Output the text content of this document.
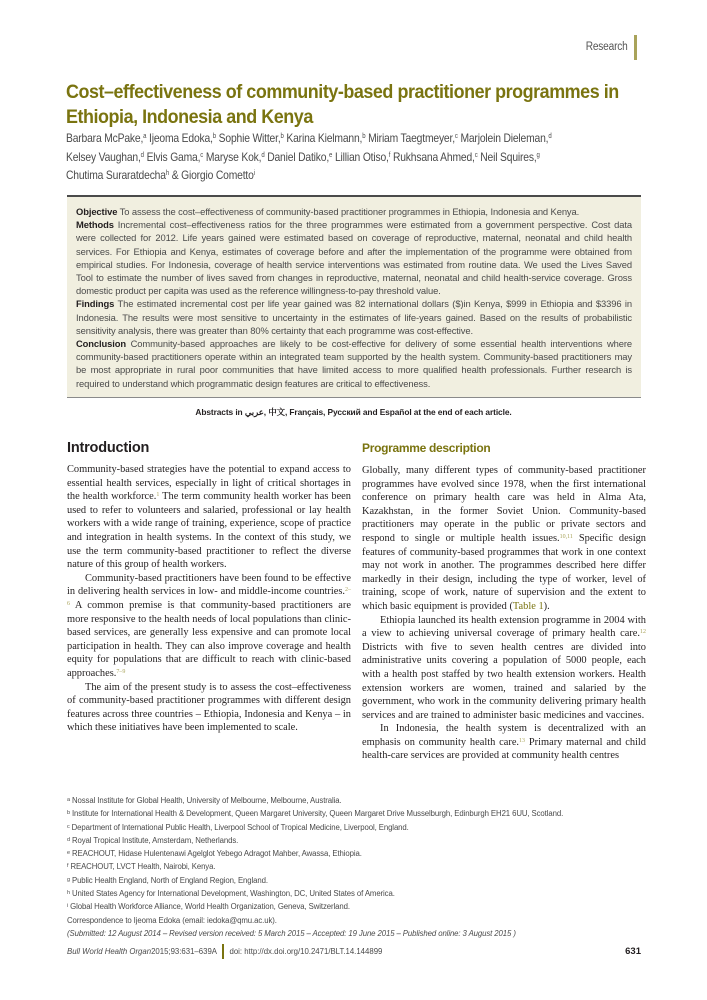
Research
Cost–effectiveness of community-based practitioner programmes in
Ethiopia, Indonesia and Kenya
Barbara McPake,$^a$ Ijeoma Edoka,$^b$ Sophie Witter,$^b$ Karina Kielmann,$^b$ Miriam Taegtmeyer,$^c$ Marjolein Dieleman,$^d$
Kelsey Vaughan,$^d$ Elvis Gama,$^c$ Maryse Kok,$^d$ Daniel Datiko,$^e$ Lillian Otiso,$^f$ Rukhsana Ahmed,$^c$ Neil Squires,$^g$
Chutima Suraratdecha$^h$ & Giorgio Cometto$^i$

Objective To assess the cost–effectiveness of community-based practitioner programmes in Ethiopia, Indonesia and Kenya.

Methods Incremental cost–effectiveness ratios for the three programmes were estimated from a government perspective. Cost data were collected for 2012. Life years gained were estimated based on coverage of reproductive, maternal, neonatal and child health services. For Ethiopia and Kenya, estimates of coverage before and after the implementation of the programme were obtained from empirical studies. For Indonesia, coverage of health service interventions was estimated from routine data. We used the Lives Saved Tool to estimate the number of lives saved from changes in reproductive, maternal, neonatal and child health-service coverage. Gross domestic product per capita was used as the reference willingness-to-pay threshold value.

Findings The estimated incremental cost per life year gained was 82 international dollars ($)in Kenya, $999 in Ethiopia and $3396 in Indonesia. The results were most sensitive to uncertainty in the estimates of life-years gained. Based on the results of probabilistic sensitivity analysis, there was greater than 80% certainty that each programme was cost-effective.

Conclusion Community-based approaches are likely to be cost-effective for delivery of some essential health interventions where community-based practitioners operate within an integrated team supported by the health system. Community-based practitioners may be most appropriate in rural poor communities that have limited access to more qualified health professionals. Further research is required to understand which programmatic design features are critical to effectiveness.

Abstracts in عربي, 中文, Français, Русский and Español at the end of each article.
Introduction

Community-based strategies have the potential to expand access to essential health services, especially in light of critical shortages in the health workforce.$^1$ The term community health worker has been used to refer to volunteers and salaried, professional or lay health workers with a wide range of training, experience, scope of practice and integration in health systems. In the context of this study, we use the term community-based practitioner to reflect the diverse nature of this group of health workers.

Community-based practitioners have been found to be effective in delivering health services in low- and middle-income countries.$^{2-6}$ A common premise is that community-based practitioners are more responsive to the health needs of local populations than clinic-based services, are generally less expensive and can promote local participation in health. They can also improve coverage and health equity for populations that are difficult to reach with clinic-based approaches.$^{7-9}$

The aim of the present study is to assess the cost–effectiveness of community-based practitioner programmes with different design features across three countries – Ethiopia, Indonesia and Kenya – in which these initiatives have been implemented to scale.

Programme description

Globally, many different types of community-based practitioner programmes have evolved since 1978, when the first international conference on primary health care was held in Alma Ata, Kazakhstan, in the former Soviet Union. Community-based practitioners may operate in the public or private sectors and respond to single or multiple health issues.$^{10,11}$ Specific design features of community-based programmes that work in one context may not work in another. The programmes described here differ markedly in their design, including the type of worker, level of training, scope of work, nature of supervision and the extent to which basic equipment is provided (Table 1).

Ethiopia launched its health extension programme in 2004 with a view to achieving universal coverage of primary health care.$^{12}$ Districts with five to seven health centres are divided into administrative units covering a population of 5000 people, each with a health post staffed by two health extension workers. Health extension workers are women, trained and salaried by the government, who work in the community delivering primary health services and are trained to administer basic medicines and vaccines.

In Indonesia, the health system is decentralized with an emphasis on community health care.$^{13}$ Primary maternal and child health-care services are provided at community health centres

$^a$ Nossal Institute for Global Health, University of Melbourne, Melbourne, Australia.
$^b$ Institute for International Health & Development, Queen Margaret University, Queen Margaret Drive Musselburgh, Edinburgh EH21 6UU, Scotland.
$^c$ Department of International Public Health, Liverpool School of Tropical Medicine, Liverpool, England.
$^d$ Royal Tropical Institute, Amsterdam, Netherlands.
$^e$ REACHOUT, Hidase Hulentenawi Agelglot Yebego Adragot Mahber, Awassa, Ethiopia.
$^f$ REACHOUT, LVCT Health, Nairobi, Kenya.
$^g$ Public Health England, North of England Region, England.
$^h$ United States Agency for International Development, Washington, DC, United States of America.
$^i$ Global Health Workforce Alliance, World Health Organization, Geneva, Switzerland.
Correspondence to Ijeoma Edoka (email: iedoka@qmu.ac.uk).
(Submitted: 12 August 2014 – Revised version received: 5 March 2015 – Accepted: 19 June 2015 – Published online: 3 August 2015 )
Bull World Health Organ 2015;93:631–639A doi: http://dx.doi.org/10.2471/BLT.14.144899	631
